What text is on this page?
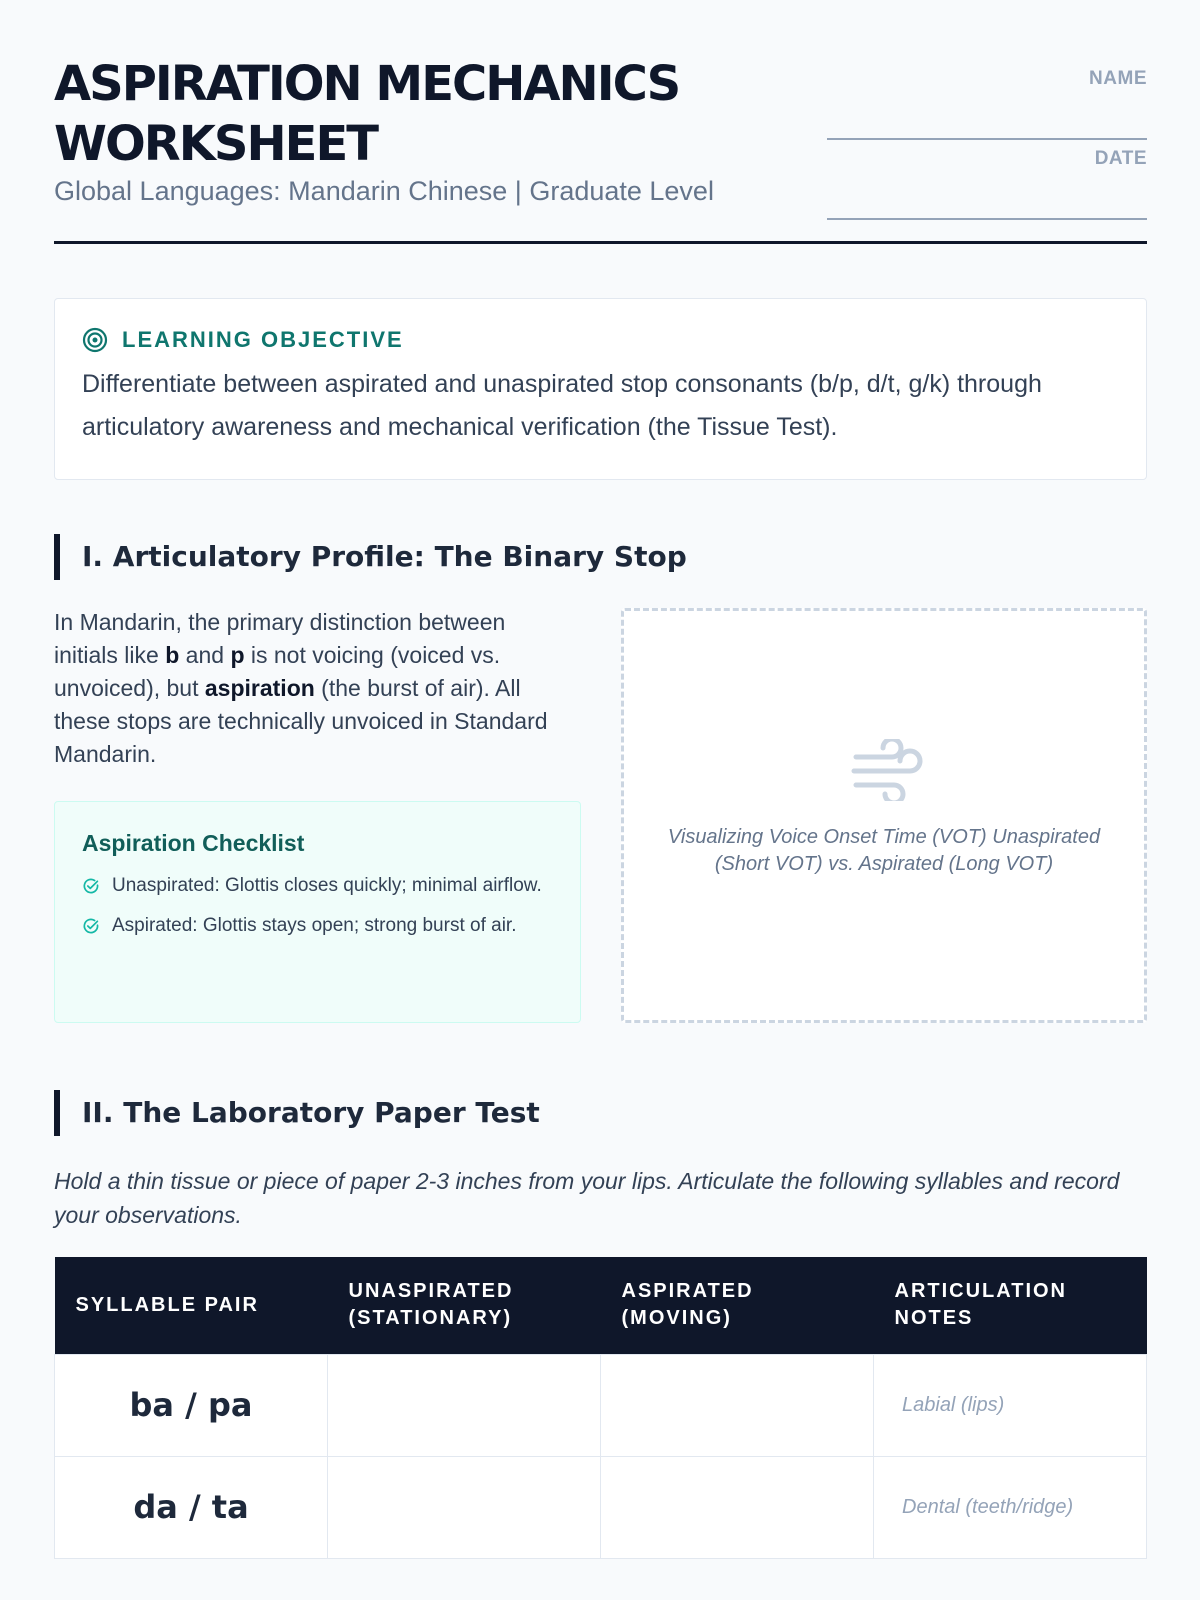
ASPIRATION MECHANICS WORKSHEET
Global Languages: Mandarin Chinese | Graduate Level
NAME
DATE
LEARNING OBJECTIVE

Differentiate between aspirated and unaspirated stop consonants (b/p, d/t, g/k) through articulatory awareness and mechanical verification (the Tissue Test).

I. Articulatory Profile: The Binary Stop

In Mandarin, the primary distinction between initials like b and p is not voicing (voiced vs. unvoiced), but aspiration (the burst of air). All these stops are technically unvoiced in Standard Mandarin.

Aspiration Checklist
Unaspirated: Glottis closes quickly; minimal airflow.
Aspirated: Glottis stays open; strong burst of air.

Visualizing Voice Onset Time (VOT) Unaspirated (Short VOT) vs. Aspirated (Long VOT)

II. The Laboratory Paper Test

Hold a thin tissue or piece of paper 2-3 inches from your lips. Articulate the following syllables and record your observations.

SYLLABLE PAIR	UNASPIRATED (STATIONARY)	ASPIRATED (MOVING)	ARTICULATION NOTES
ba / pa			Labial (lips)
da / ta			Dental (teeth/ridge)
